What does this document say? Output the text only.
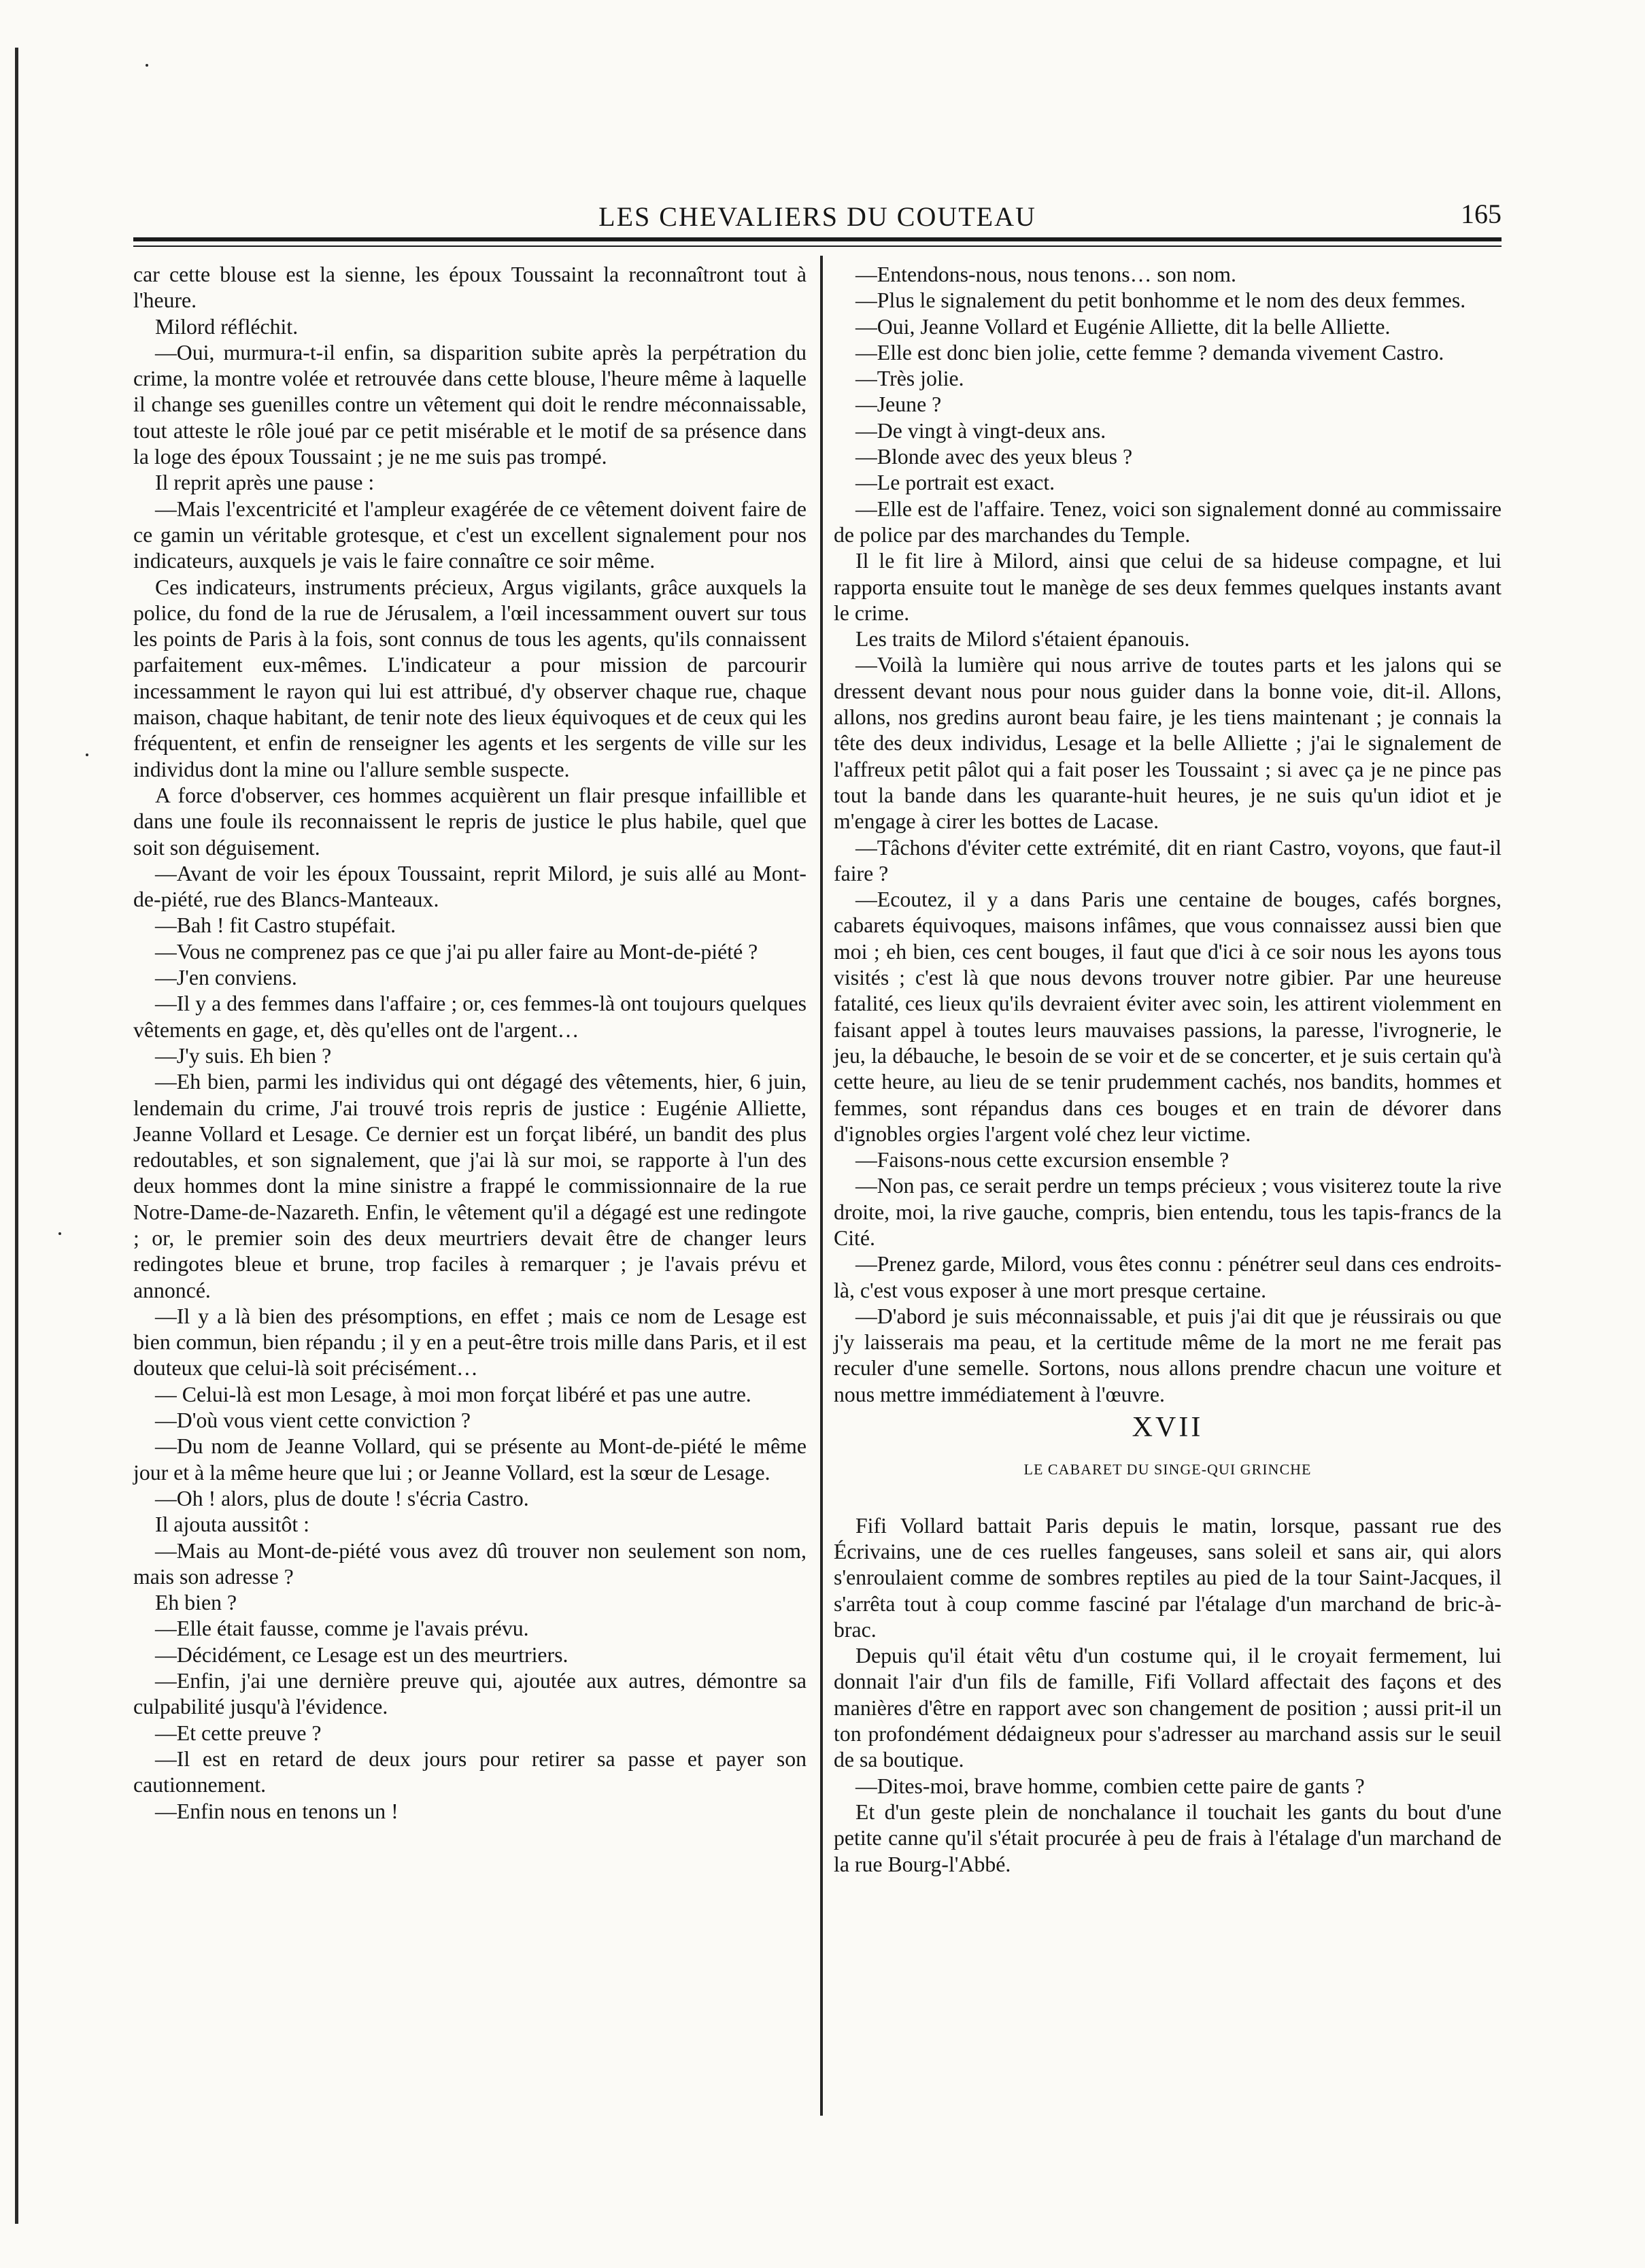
LES CHEVALIERS DU COUTEAU	165

car cette blouse est la sienne, les époux Toussaint la reconnaîtront tout à l'heure.

Milord réfléchit.

—Oui, murmura-t-il enfin, sa disparition subite après la perpétration du crime, la montre volée et retrouvée dans cette blouse, l'heure même à laquelle il change ses guenilles contre un vêtement qui doit le rendre méconnaissable, tout atteste le rôle joué par ce petit misérable et le motif de sa présence dans la loge des époux Toussaint ; je ne me suis pas trompé.

Il reprit après une pause :

—Mais l'excentricité et l'ampleur exagérée de ce vêtement doivent faire de ce gamin un véritable grotesque, et c'est un excellent signalement pour nos indicateurs, auxquels je vais le faire connaître ce soir même.

Ces indicateurs, instruments précieux, Argus vigilants, grâce auxquels la police, du fond de la rue de Jérusalem, a l'œil incessamment ouvert sur tous les points de Paris à la fois, sont connus de tous les agents, qu'ils connaissent parfaitement eux-mêmes. L'indicateur a pour mission de parcourir incessamment le rayon qui lui est attribué, d'y observer chaque rue, chaque maison, chaque habitant, de tenir note des lieux équivoques et de ceux qui les fréquentent, et enfin de renseigner les agents et les sergents de ville sur les individus dont la mine ou l'allure semble suspecte.

A force d'observer, ces hommes acquièrent un flair presque infaillible et dans une foule ils reconnaissent le repris de justice le plus habile, quel que soit son déguisement.

—Avant de voir les époux Toussaint, reprit Milord, je suis allé au Mont-de-piété, rue des Blancs-Manteaux.

—Bah ! fit Castro stupéfait.

—Vous ne comprenez pas ce que j'ai pu aller faire au Mont-de-piété ?

—J'en conviens.

—Il y a des femmes dans l'affaire ; or, ces femmes-là ont toujours quelques vêtements en gage, et, dès qu'elles ont de l'argent…

—J'y suis. Eh bien ?

—Eh bien, parmi les individus qui ont dégagé des vêtements, hier, 6 juin, lendemain du crime, J'ai trouvé trois repris de justice : Eugénie Alliette, Jeanne Vollard et Lesage. Ce dernier est un forçat libéré, un bandit des plus redoutables, et son signalement, que j'ai là sur moi, se rapporte à l'un des deux hommes dont la mine sinistre a frappé le commissionnaire de la rue Notre-Dame-de-Nazareth. Enfin, le vêtement qu'il a dégagé est une redingote ; or, le premier soin des deux meurtriers devait être de changer leurs redingotes bleue et brune, trop faciles à remarquer ; je l'avais prévu et annoncé.

—Il y a là bien des présomptions, en effet ; mais ce nom de Lesage est bien commun, bien répandu ; il y en a peut-être trois mille dans Paris, et il est douteux que celui-là soit précisément…

— Celui-là est mon Lesage, à moi mon forçat libéré et pas une autre.

—D'où vous vient cette conviction ?

—Du nom de Jeanne Vollard, qui se présente au Mont-de-piété le même jour et à la même heure que lui ; or Jeanne Vollard, est la sœur de Lesage.

—Oh ! alors, plus de doute ! s'écria Castro.

Il ajouta aussitôt :

—Mais au Mont-de-piété vous avez dû trouver non seulement son nom, mais son adresse ?

Eh bien ?

—Elle était fausse, comme je l'avais prévu.

—Décidément, ce Lesage est un des meurtriers.

—Enfin, j'ai une dernière preuve qui, ajoutée aux autres, démontre sa culpabilité jusqu'à l'évidence.

—Et cette preuve ?

—Il est en retard de deux jours pour retirer sa passe et payer son cautionnement.

—Enfin nous en tenons un !

—Entendons-nous, nous tenons… son nom.

—Plus le signalement du petit bonhomme et le nom des deux femmes.

—Oui, Jeanne Vollard et Eugénie Alliette, dit la belle Alliette.

—Elle est donc bien jolie, cette femme ? demanda vivement Castro.

—Très jolie.

—Jeune ?

—De vingt à vingt-deux ans.

—Blonde avec des yeux bleus ?

—Le portrait est exact.

—Elle est de l'affaire. Tenez, voici son signalement donné au commissaire de police par des marchandes du Temple.

Il le fit lire à Milord, ainsi que celui de sa hideuse compagne, et lui rapporta ensuite tout le manège de ses deux femmes quelques instants avant le crime.

Les traits de Milord s'étaient épanouis.

—Voilà la lumière qui nous arrive de toutes parts et les jalons qui se dressent devant nous pour nous guider dans la bonne voie, dit-il. Allons, allons, nos gredins auront beau faire, je les tiens maintenant ; je connais la tête des deux individus, Lesage et la belle Alliette ; j'ai le signalement de l'affreux petit pâlot qui a fait poser les Toussaint ; si avec ça je ne pince pas tout la bande dans les quarante-huit heures, je ne suis qu'un idiot et je m'engage à cirer les bottes de Lacase.

—Tâchons d'éviter cette extrémité, dit en riant Castro, voyons, que faut-il faire ?

—Ecoutez, il y a dans Paris une centaine de bouges, cafés borgnes, cabarets équivoques, maisons infâmes, que vous connaissez aussi bien que moi ; eh bien, ces cent bouges, il faut que d'ici à ce soir nous les ayons tous visités ; c'est là que nous devons trouver notre gibier. Par une heureuse fatalité, ces lieux qu'ils devraient éviter avec soin, les attirent violemment en faisant appel à toutes leurs mauvaises passions, la paresse, l'ivrognerie, le jeu, la débauche, le besoin de se voir et de se concerter, et je suis certain qu'à cette heure, au lieu de se tenir prudemment cachés, nos bandits, hommes et femmes, sont répandus dans ces bouges et en train de dévorer dans d'ignobles orgies l'argent volé chez leur victime.

—Faisons-nous cette excursion ensemble ?

—Non pas, ce serait perdre un temps précieux ; vous visiterez toute la rive droite, moi, la rive gauche, compris, bien entendu, tous les tapis-francs de la Cité.

—Prenez garde, Milord, vous êtes connu : pénétrer seul dans ces endroits-là, c'est vous exposer à une mort presque certaine.

—D'abord je suis méconnaissable, et puis j'ai dit que je réussirais ou que j'y laisserais ma peau, et la certitude même de la mort ne me ferait pas reculer d'une semelle. Sortons, nous allons prendre chacun une voiture et nous mettre immédiatement à l'œuvre.

XVII

LE CABARET DU SINGE-QUI GRINCHE

Fifi Vollard battait Paris depuis le matin, lorsque, passant rue des Écrivains, une de ces ruelles fangeuses, sans soleil et sans air, qui alors s'enroulaient comme de sombres reptiles au pied de la tour Saint-Jacques, il s'arrêta tout à coup comme fasciné par l'étalage d'un marchand de bric-à-brac.

Depuis qu'il était vêtu d'un costume qui, il le croyait fermement, lui donnait l'air d'un fils de famille, Fifi Vollard affectait des façons et des manières d'être en rapport avec son changement de position ; aussi prit-il un ton profondément dédaigneux pour s'adresser au marchand assis sur le seuil de sa boutique.

—Dites-moi, brave homme, combien cette paire de gants ?

Et d'un geste plein de nonchalance il touchait les gants du bout d'une petite canne qu'il s'était procurée à peu de frais à l'étalage d'un marchand de la rue Bourg-l'Abbé.
